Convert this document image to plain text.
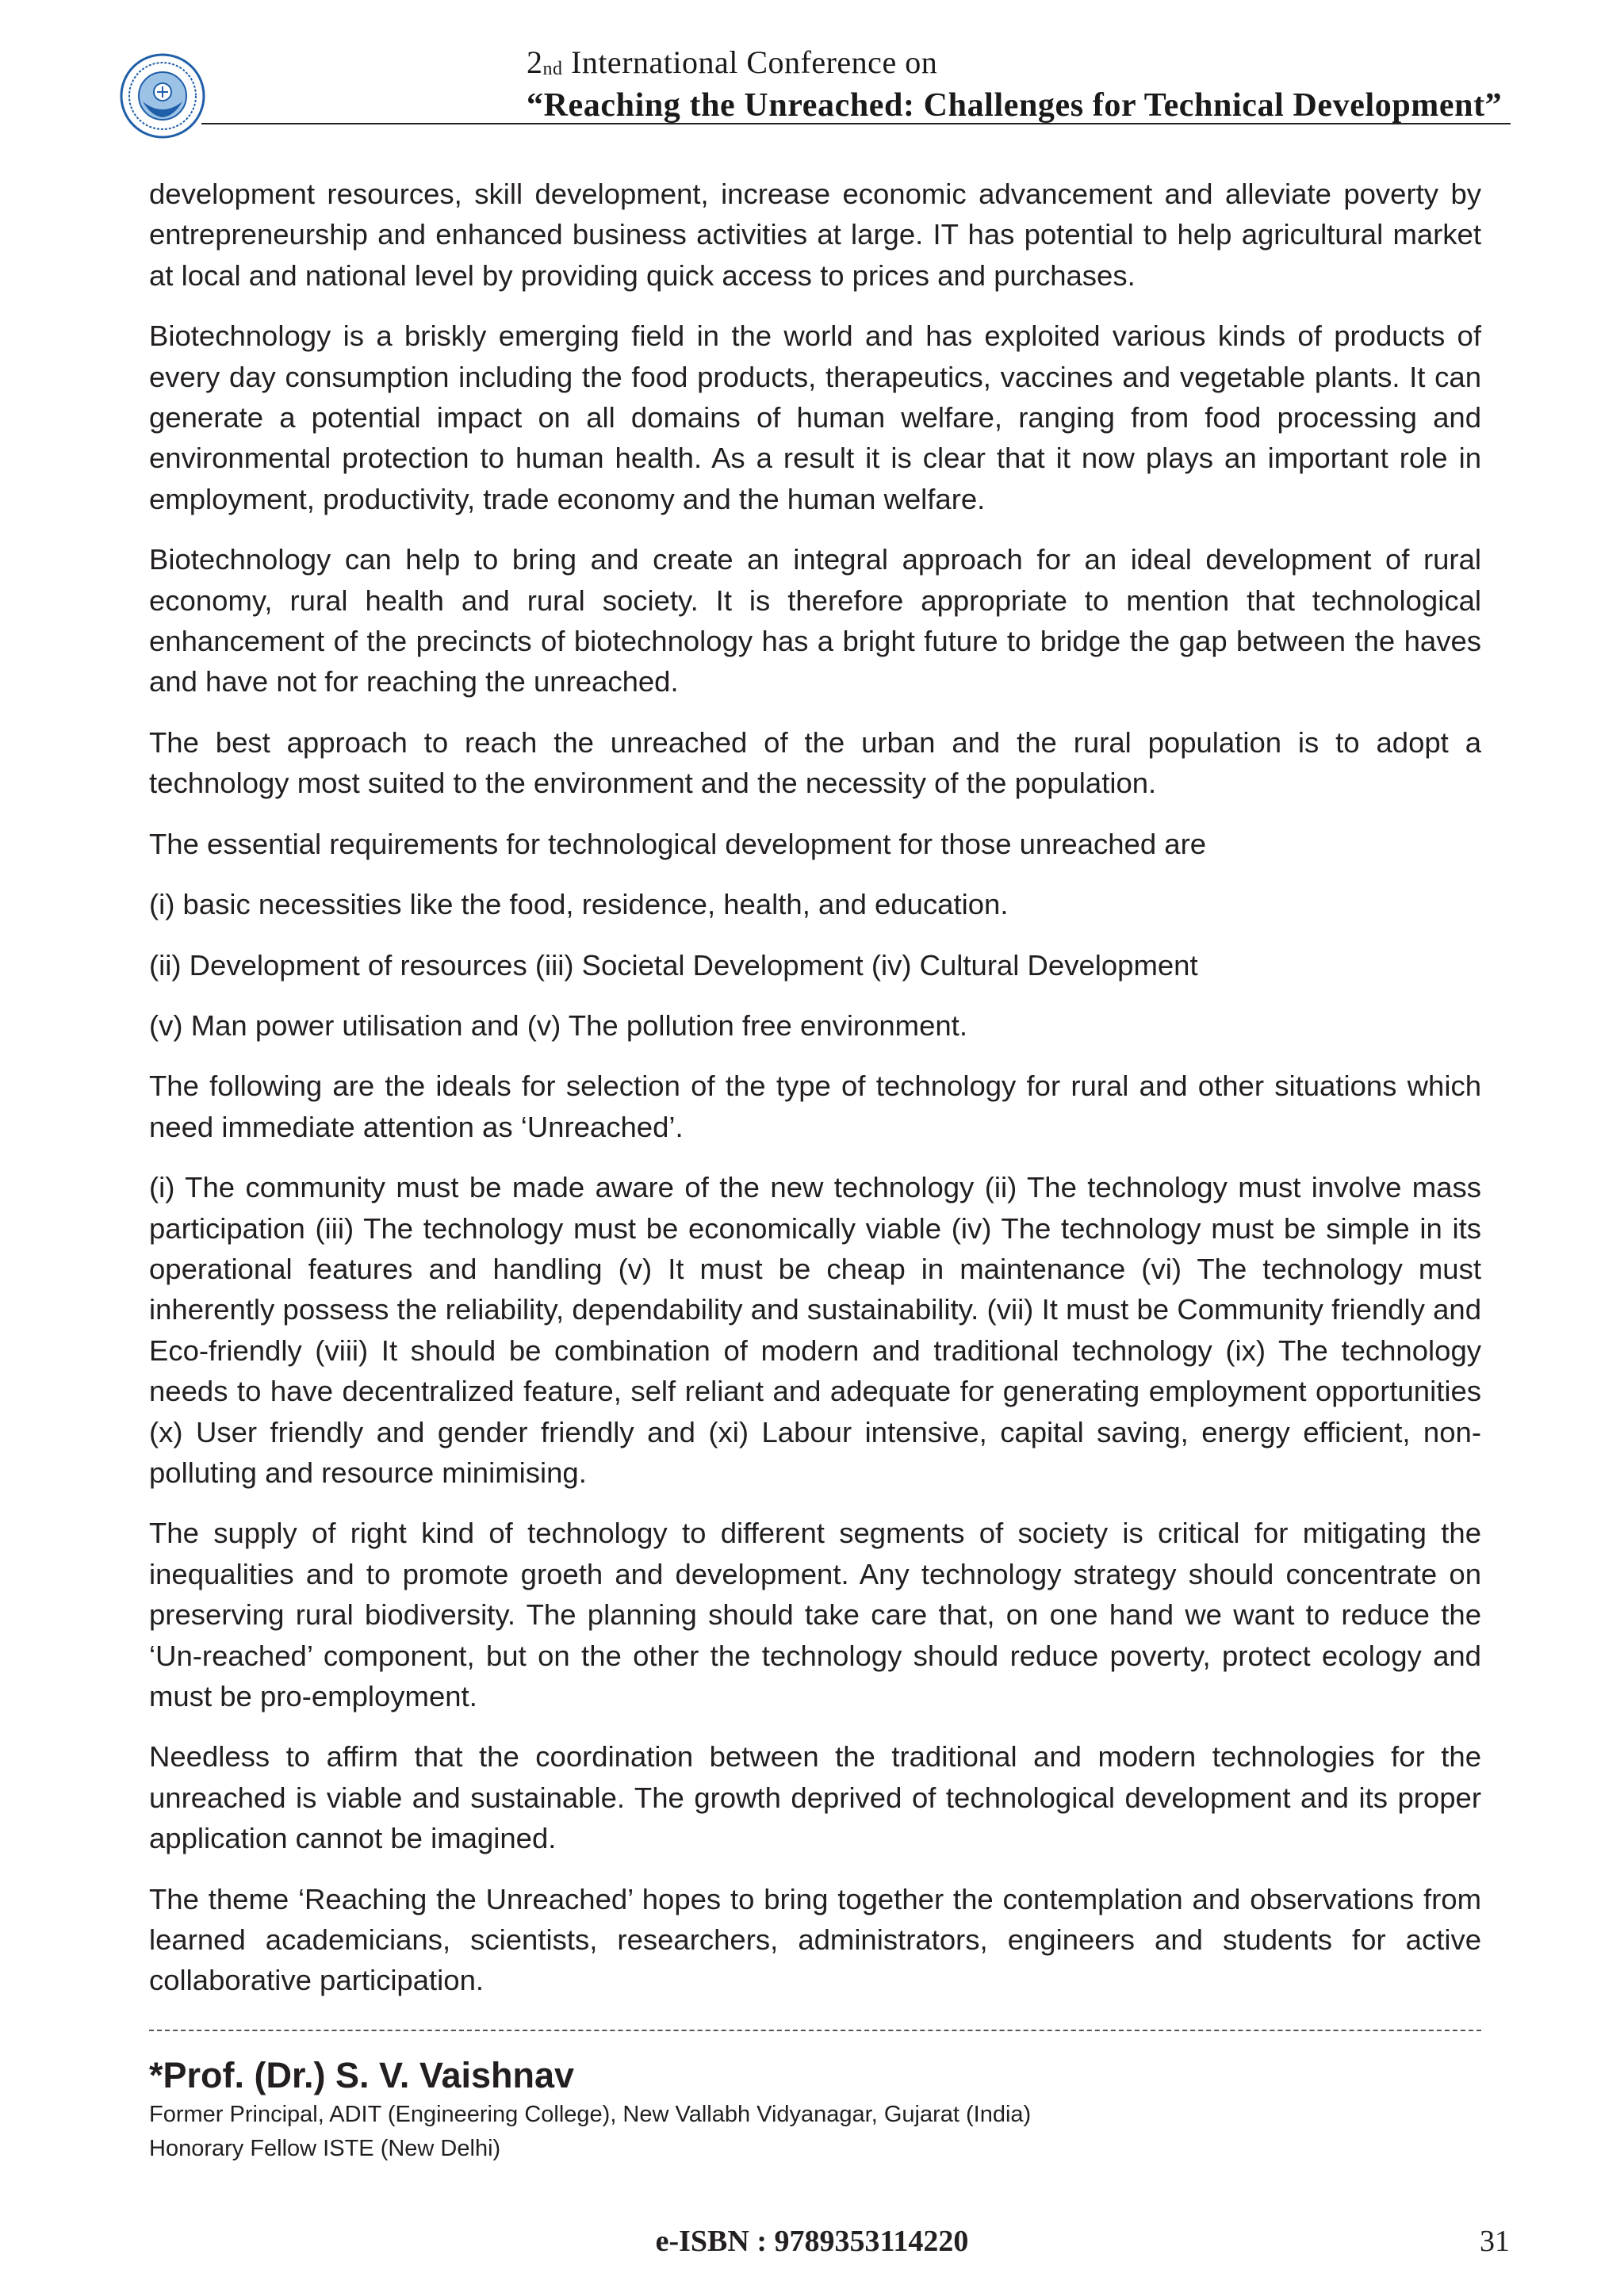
2nd International Conference on
“Reaching the Unreached: Challenges for Technical Development”

development resources, skill development, increase economic advancement and alleviate poverty by entrepreneurship and enhanced business activities at large. IT has potential to help agricultural market at local and national level by providing quick access to prices and purchases.

Biotechnology is a briskly emerging field in the world and has exploited various kinds of products of every day consumption including the food products, therapeutics, vaccines and vegetable plants. It can generate a potential impact on all domains of human welfare, ranging from food processing and environmental protection to human health. As a result it is clear that it now plays an important role in employment, productivity, trade economy and the human welfare.

Biotechnology can help to bring and create an integral approach for an ideal development of rural economy, rural health and rural society. It is therefore appropriate to mention that technological enhancement of the precincts of biotechnology has a bright future to bridge the gap between the haves and have not for reaching the unreached.

The best approach to reach the unreached of the urban and the rural population is to adopt a technology most suited to the environment and the necessity of the population.

The essential requirements for technological development for those unreached are

(i) basic necessities like the food, residence, health, and education.

(ii) Development of resources (iii) Societal Development (iv) Cultural Development

(v) Man power utilisation and (v) The pollution free environment.

The following are the ideals for selection of the type of technology for rural and other situations which need immediate attention as ‘Unreached’.

(i) The community must be made aware of the new technology (ii) The technology must involve mass participation (iii) The technology must be economically viable (iv) The technology must be simple in its operational features and handling (v) It must be cheap in maintenance (vi) The technology must inherently possess the reliability, dependability and sustainability. (vii) It must be Community friendly and Eco-friendly (viii) It should be combination of modern and traditional technology (ix) The technology needs to have decentralized feature, self reliant and adequate for generating employment opportunities (x) User friendly and gender friendly and (xi) Labour intensive, capital saving, energy efficient, non-polluting and resource minimising.

The supply of right kind of technology to different segments of society is critical for mitigating the inequalities and to promote groeth and development. Any technology strategy should concentrate on preserving rural biodiversity. The planning should take care that, on one hand we want to reduce the ‘Un-reached’ component, but on the other the technology should reduce poverty, protect ecology and must be pro-employment.

Needless to affirm that the coordination between the traditional and modern technologies for the unreached is viable and sustainable. The growth deprived of technological development and its proper application cannot be imagined.

The theme ‘Reaching the Unreached’ hopes to bring together the contemplation and observations from learned academicians, scientists, researchers, administrators, engineers and students for active collaborative participation.

*Prof. (Dr.) S. V. Vaishnav
Former Principal, ADIT (Engineering College), New Vallabh Vidyanagar, Gujarat (India)
Honorary Fellow ISTE (New Delhi)
e-ISBN : 9789353114220	31
